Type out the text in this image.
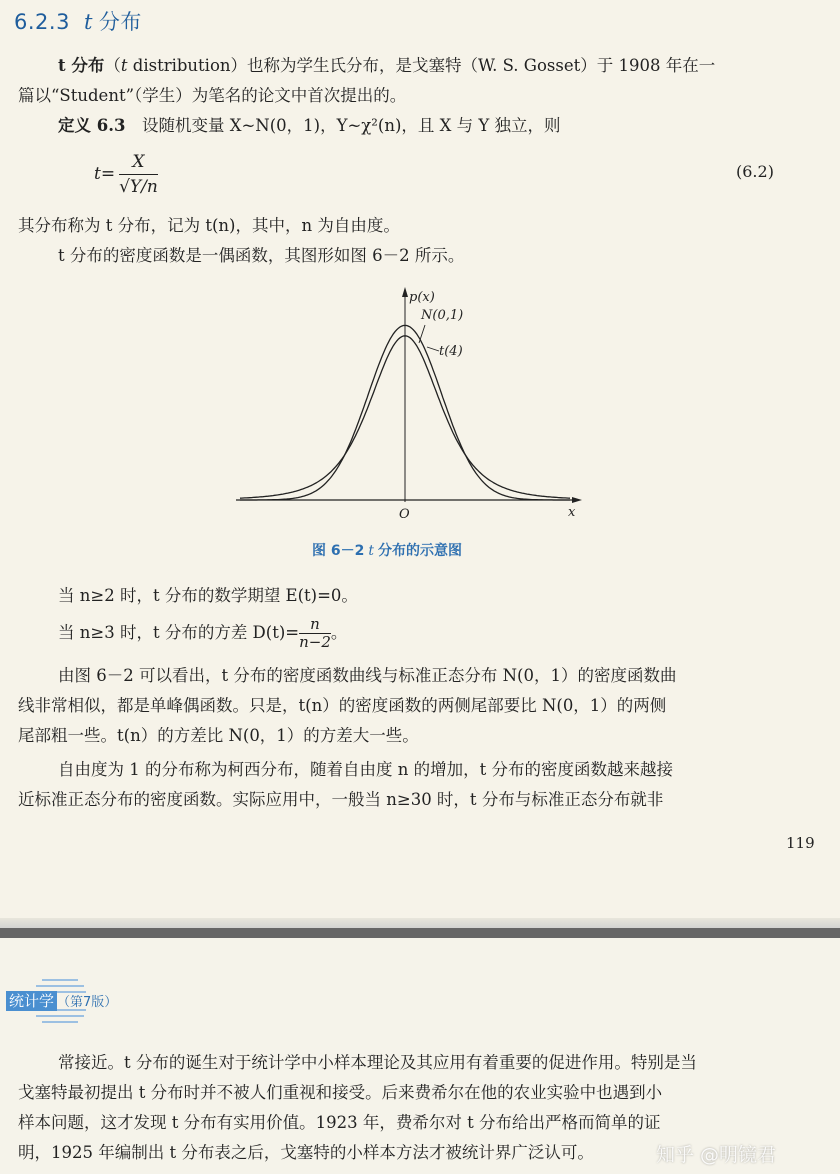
6.2.3 t 分布
t 分布（t distribution）也称为学生氏分布，是戈塞特（W. S. Gosset）于 1908 年在一
篇以“Student”（学生）为笔名的论文中首次提出的。
定义 6.3　 设随机变量 X~N(0，1)，Y~χ²(n)，且 X 与 Y 独立，则
$t= \frac{X}{√Y/n}$	(6.2)
其分布称为 t 分布，记为 t(n)，其中，n 为自由度。
t 分布的密度函数是一偶函数，其图形如图 6－2 所示。
p(x)
x
O
N(0,1)
t(4)
图 6－2 t 分布的示意图
当 n≥2 时，t 分布的数学期望 E(t)=0。
当 n≥3 时，t 分布的方差 $D(t)= \frac{n}{n-2}$ 。
由图 6－2 可以看出，t 分布的密度函数曲线与标准正态分布 N(0，1）的密度函数曲
线非常相似，都是单峰偶函数。只是，t(n）的密度函数的两侧尾部要比 N(0，1）的两侧
尾部粗一些。t(n）的方差比 N(0，1）的方差大一些。
自由度为 1 的分布称为柯西分布，随着自由度 n 的增加，t 分布的密度函数越来越接
近标准正态分布的密度函数。实际应用中，一般当 n≥30 时，t 分布与标准正态分布就非
119
统计学 （第7版）
常接近。t 分布的诞生对于统计学中小样本理论及其应用有着重要的促进作用。特别是当
戈塞特最初提出 t 分布时并不被人们重视和接受。后来费希尔在他的农业实验中也遇到小
样本问题，这才发现 t 分布有实用价值。1923 年，费希尔对 t 分布给出严格而简单的证
明，1925 年编制出 t 分布表之后，戈塞特的小样本方法才被统计界广泛认可。	知乎 @明镜君
